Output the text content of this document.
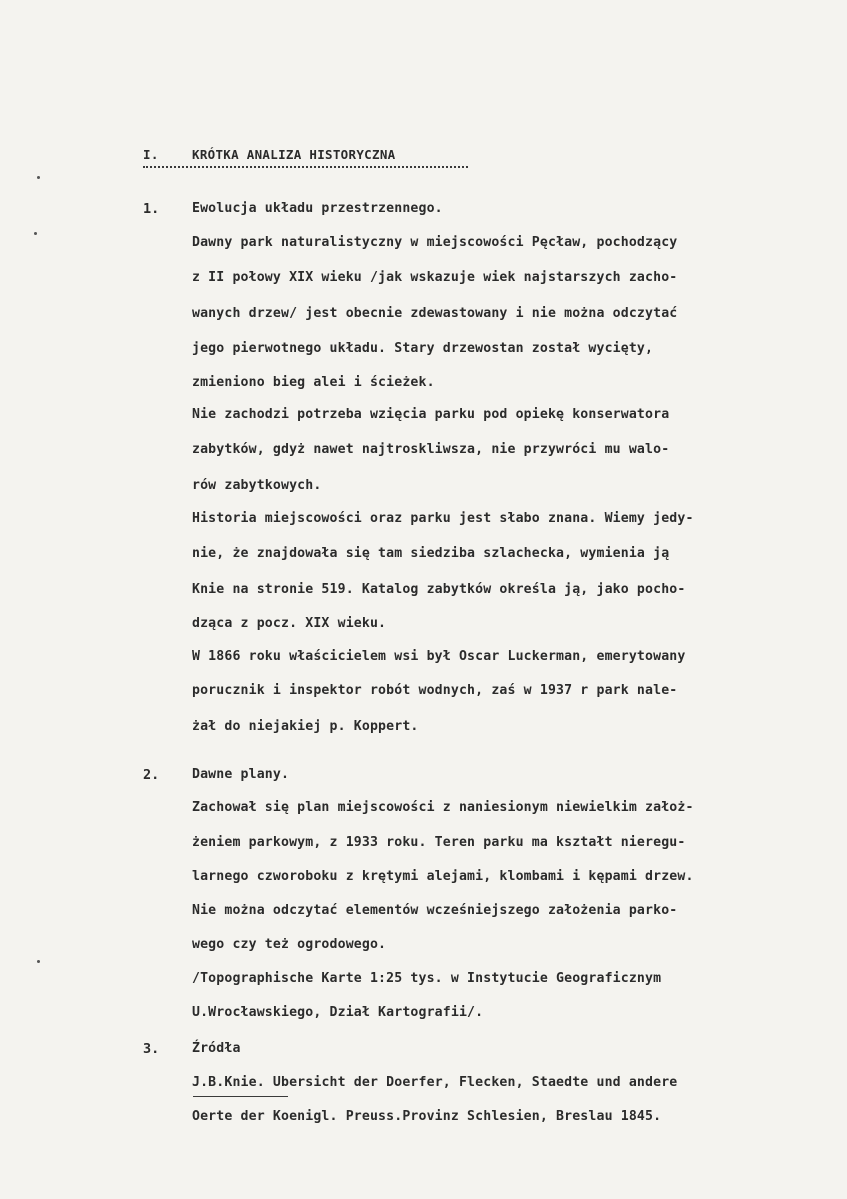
I.	KRÓTKA ANALIZA HISTORYCZNA
1. Ewolucja układu przestrzennego.
Dawny park naturalistyczny w miejscowości Pęcław, pochodzący
z II połowy XIX wieku /jak wskazuje wiek najstarszych zacho-
wanych drzew/ jest obecnie zdewastowany i nie można odczytać
jego pierwotnego układu. Stary drzewostan został wycięty,
zmieniono bieg alei i ścieżek.
Nie zachodzi potrzeba wzięcia parku pod opiekę konserwatora
zabytków, gdyż nawet najtroskliwsza, nie przywróci mu walo-
rów zabytkowych.
Historia miejscowości oraz parku jest słabo znana. Wiemy jedy-
nie, że znajdowała się tam siedziba szlachecka, wymienia ją
Knie na stronie 519. Katalog zabytków określa ją, jako pocho-
dząca z pocz. XIX wieku.
W 1866 roku właścicielem wsi był Oscar Luckerman, emerytowany
porucznik i inspektor robót wodnych, zaś w 1937 r park nale-
żał do niejakiej p. Koppert.
2. Dawne plany.
Zachował się plan miejscowości z naniesionym niewielkim założ-
żeniem parkowym, z 1933 roku. Teren parku ma kształt nieregu-
larnego czworoboku z krętymi alejami, klombami i kępami drzew.
Nie można odczytać elementów wcześniejszego założenia parko-
wego czy też ogrodowego.
/Topographische Karte 1:25 tys. w Instytucie Geograficznym
U.Wrocławskiego, Dział Kartografii/.
3. Źródła
J.B.Knie. Ubersicht der Doerfer, Flecken, Staedte und andere
Oerte der Koenigl. Preuss.Provinz Schlesien, Breslau 1845.
